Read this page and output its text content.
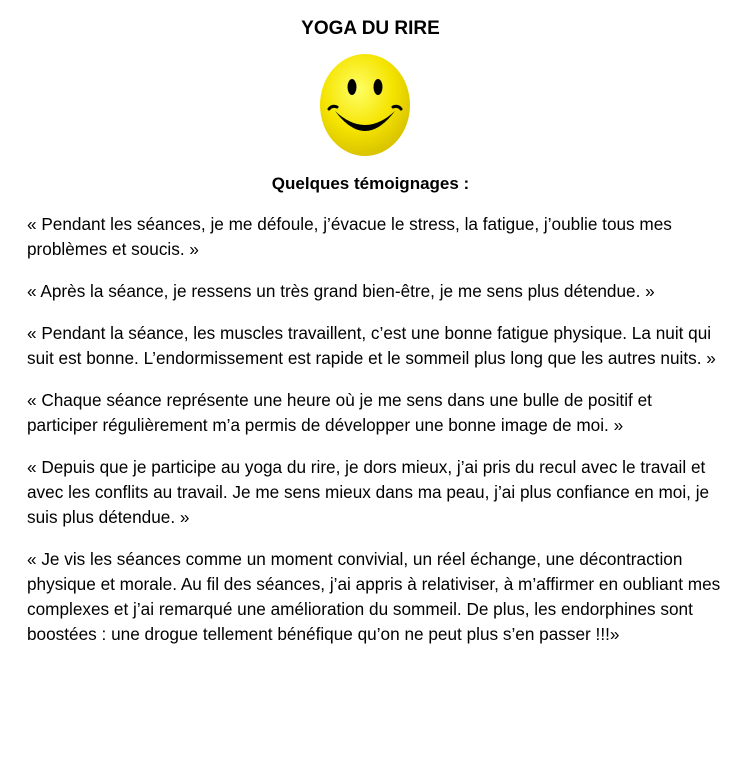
YOGA DU RIRE
Quelques témoignages :

« Pendant les séances, je me défoule, j’évacue le stress, la fatigue, j’oublie tous mes problèmes et soucis. »

« Après la séance, je ressens un très grand bien-être, je me sens plus détendue. »

« Pendant la séance, les muscles travaillent, c’est une bonne fatigue physique. La nuit qui suit est bonne. L’endormissement est rapide et le sommeil plus long que les autres nuits. »

« Chaque séance représente une heure où je me sens dans une bulle de positif et participer régulièrement m’a permis de développer une bonne image de moi. »

« Depuis que je participe au yoga du rire, je dors mieux, j’ai pris du recul avec le travail et avec les conflits au travail. Je me sens mieux dans ma peau, j’ai plus confiance en moi, je suis plus détendue. »

« Je vis les séances comme un moment convivial, un réel échange, une décontraction physique et morale. Au fil des séances, j’ai appris à relativiser, à m’affirmer en oubliant mes complexes et j’ai remarqué une amélioration du sommeil. De plus, les endorphines sont boostées : une drogue tellement bénéfique qu’on ne peut plus s’en passer !!!»
